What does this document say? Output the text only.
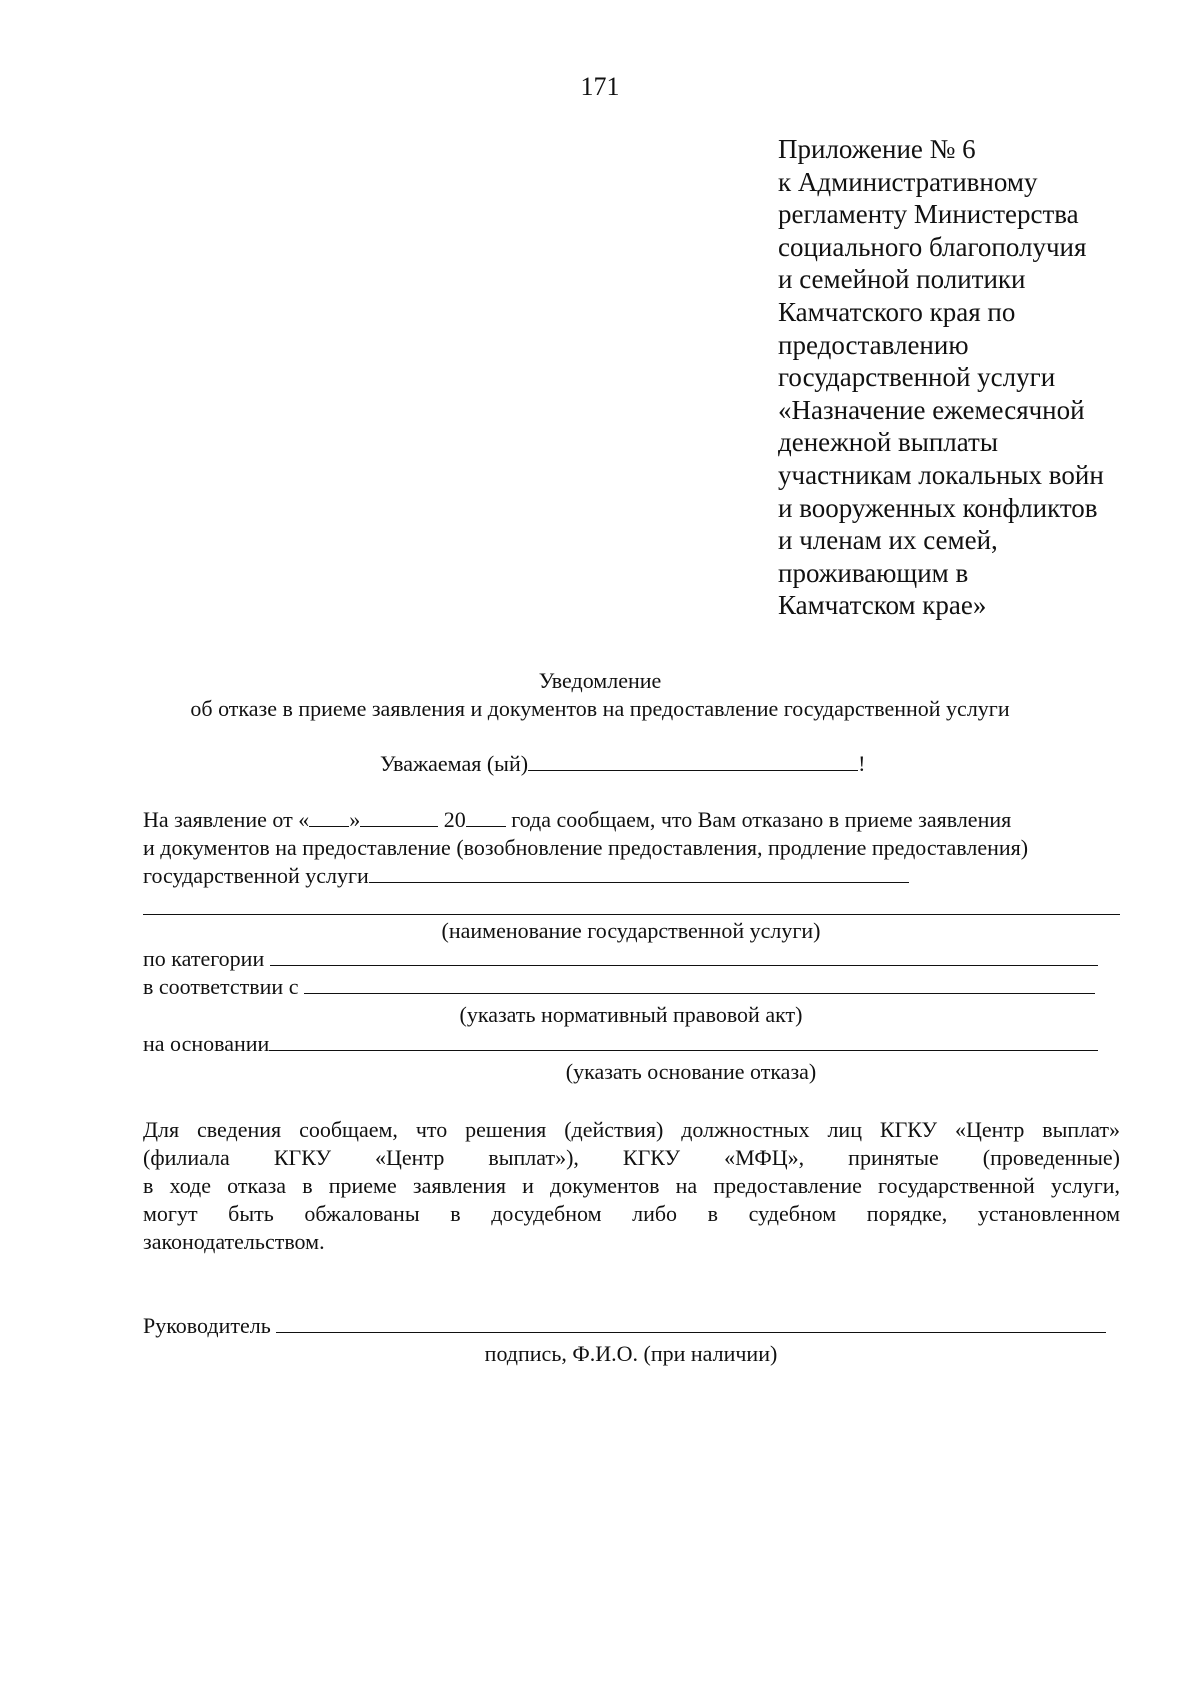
171
Приложение № 6
к Административному
регламенту Министерства
социального благополучия
и семейной политики
Камчатского края по
предоставлению
государственной услуги
«Назначение ежемесячной
денежной выплаты
участникам локальных войн
и вооруженных конфликтов
и членам их семей,
проживающим в
Камчатском крае»
Уведомление
об отказе в приеме заявления и документов на предоставление государственной услуги
Уважаемая (ый)	!
На заявление от « »	20 года сообщаем, что Вам отказано в приеме заявления
и документов на предоставление (возобновление предоставления, продление предоставления)
государственной услуги
(наименование государственной услуги)
по категории
в соответствии с
(указать нормативный правовой акт)
на основании
(указать основание отказа)
Для сведения сообщаем, что решения (действия) должностных лиц КГКУ «Центр выплат»
(филиала КГКУ «Центр выплат»), КГКУ «МФЦ», принятые (проведенные)
в ходе отказа в приеме заявления и документов на предоставление государственной услуги,
могут быть обжалованы в досудебном либо в судебном порядке, установленном
законодательством.
Руководитель
подпись, Ф.И.О. (при наличии)
